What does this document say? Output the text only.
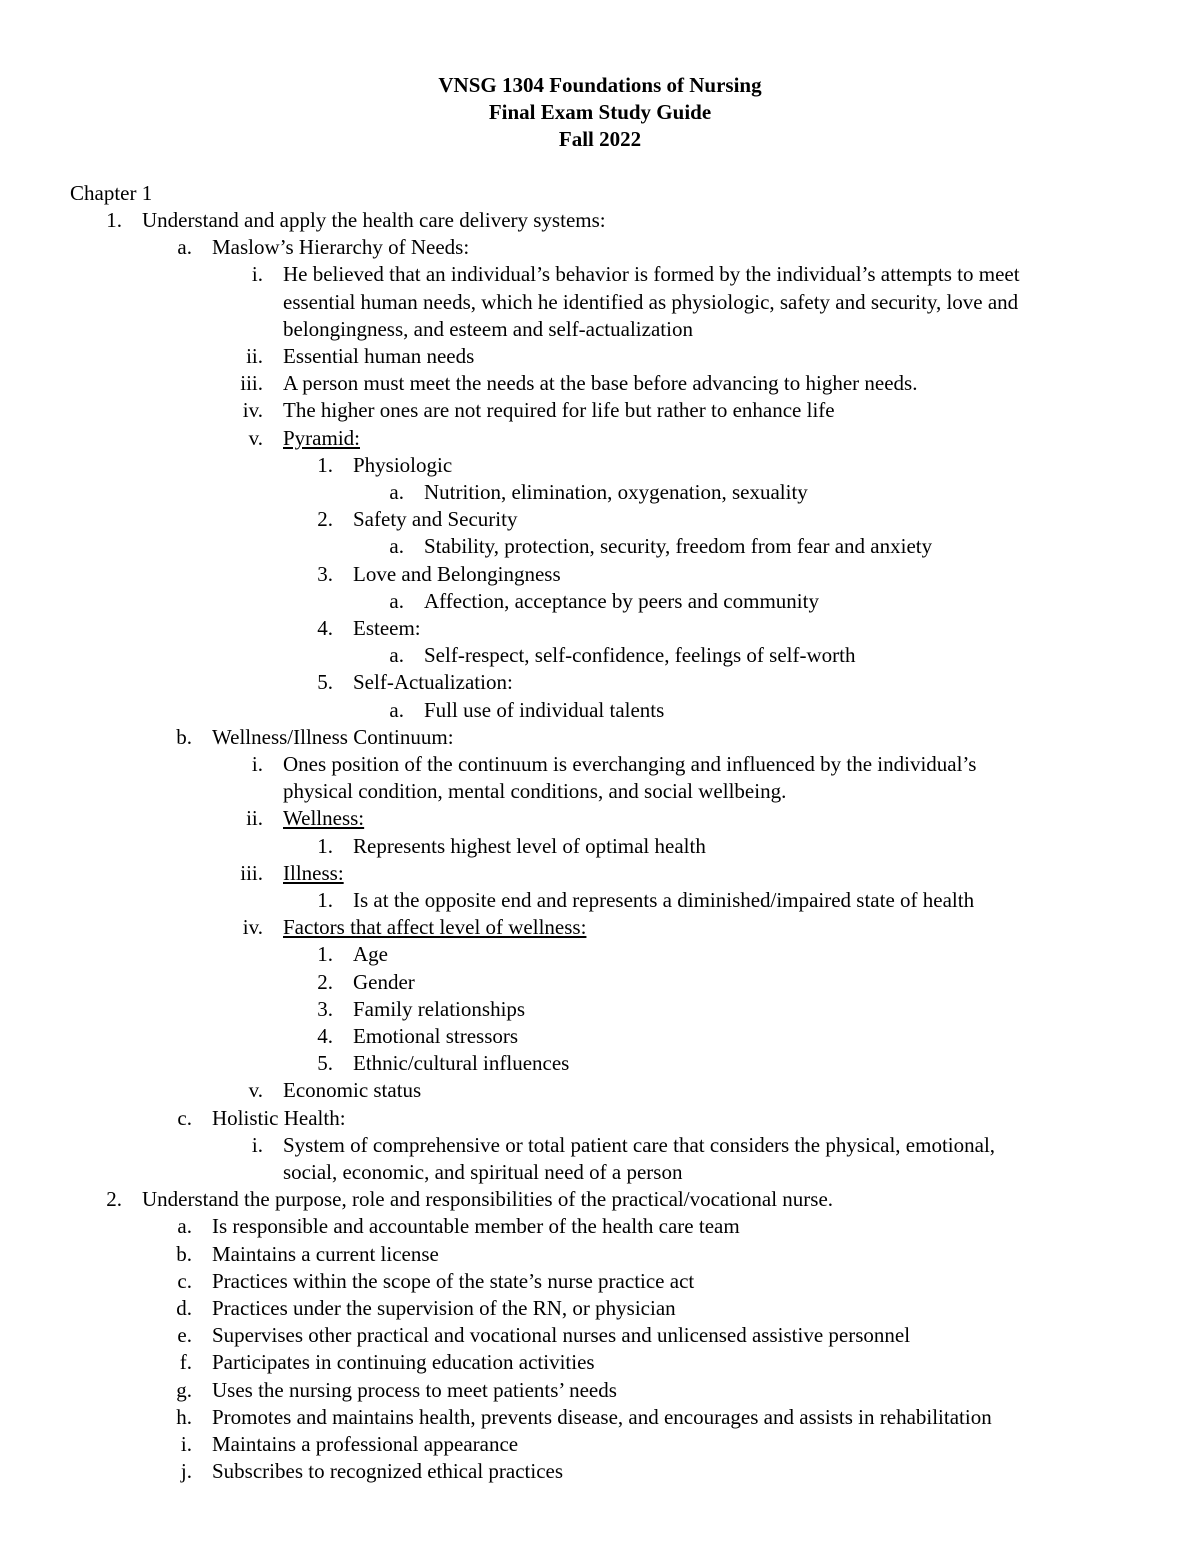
VNSG 1304 Foundations of Nursing
Final Exam Study Guide
Fall 2022
Chapter 1
1. Understand and apply the health care delivery systems:
a. Maslow’s Hierarchy of Needs:
i. He believed that an individual’s behavior is formed by the individual’s attempts to meet
essential human needs, which he identified as physiologic, safety and security, love and
belongingness, and esteem and self-actualization
ii. Essential human needs
iii. A person must meet the needs at the base before advancing to higher needs.
iv. The higher ones are not required for life but rather to enhance life
v. Pyramid:
1. Physiologic
a. Nutrition, elimination, oxygenation, sexuality
2. Safety and Security
a. Stability, protection, security, freedom from fear and anxiety
3. Love and Belongingness
a. Affection, acceptance by peers and community
4. Esteem:
a. Self-respect, self-confidence, feelings of self-worth
5. Self-Actualization:
a. Full use of individual talents
b. Wellness/Illness Continuum:
i. Ones position of the continuum is everchanging and influenced by the individual’s
physical condition, mental conditions, and social wellbeing.
ii. Wellness:
1. Represents highest level of optimal health
iii. Illness:
1. Is at the opposite end and represents a diminished/impaired state of health
iv. Factors that affect level of wellness:
1. Age
2. Gender
3. Family relationships
4. Emotional stressors
5. Ethnic/cultural influences
v. Economic status
c. Holistic Health:
i. System of comprehensive or total patient care that considers the physical, emotional,
social, economic, and spiritual need of a person
2. Understand the purpose, role and responsibilities of the practical/vocational nurse.
a. Is responsible and accountable member of the health care team
b. Maintains a current license
c. Practices within the scope of the state’s nurse practice act
d. Practices under the supervision of the RN, or physician
e. Supervises other practical and vocational nurses and unlicensed assistive personnel
f. Participates in continuing education activities
g. Uses the nursing process to meet patients’ needs
h. Promotes and maintains health, prevents disease, and encourages and assists in rehabilitation
i. Maintains a professional appearance
j. Subscribes to recognized ethical practices
